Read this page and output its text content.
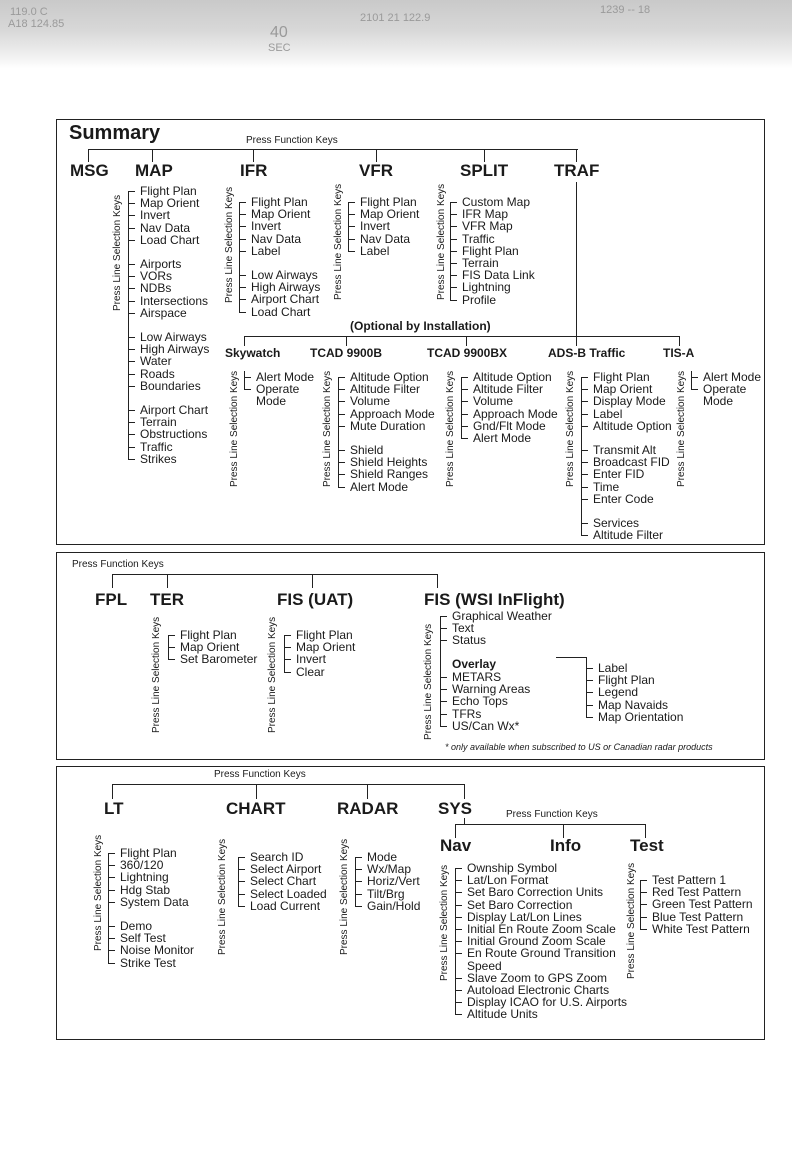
119.0 C
A18 124.85	40
SEC
2101 21 122.9
1239 -- 18
Summary	Press Function Keys
MSG MAP	IFR	VFR	SPLIT	TRAF
Press Line Selection Keys
Flight Plan
Map Orient
Invert
Nav Data
Load Chart
Airports
VORs
NDBs
Intersections
Airspace
Low Airways
High Airways
Water
Roads
Boundaries
Airport Chart
Terrain
Obstructions
Traffic
Strikes
Press Line Selection Keys Flight Plan
Map Orient
Invert
Nav Data
Label
Low Airways
High Airways
Airport Chart
Load Chart
Press Line Selection Keys Flight Plan
Map Orient
Invert
Nav Data
Label	Press Line Selection Keys Custom Map
IFR Map
VFR Map
Traffic
Flight Plan
Terrain
FIS Data Link
Lightning
Profile
(Optional by Installation)
Skywatch TCAD 9900B	TCAD 9900BX	ADS-B Traffic	TIS-A
Press Line Selection Keys Alert Mode
Operate
Mode	Press Line Selection Keys Altitude Option
Altitude Filter
Volume
Approach Mode
Mute Duration
Shield
Shield Heights
Shield Ranges
Alert Mode	Press Line Selection Keys Altitude Option
Altitude Filter
Volume
Approach Mode
Gnd/Flt Mode
Alert Mode	Press Line Selection Keys Flight Plan
Map Orient
Display Mode
Label
Altitude Option
Transmit Alt
Broadcast FID
Enter FID
Time
Enter Code
Services
Altitude Filter
Press Line Selection Keys Alert Mode
Operate
Mode
Press Function Keys
FPL TER	FIS (UAT)	FIS (WSI InFlight)
Press Line Selection Keys Flight Plan
Map Orient
Set Barometer Press Line Selection Keys Flight Plan
Map Orient
Invert
Clear	Press Line Selection Keys
Graphical Weather
Text
Status
Overlay
METARS
Warning Areas
Echo Tops
TFRs
US/Can Wx*
Label
Flight Plan
Legend
Map Navaids
Map Orientation
* only available when subscribed to US or Canadian radar products
Press Function Keys
LT	CHART	RADAR SYS
Press Line Selection Keys Flight Plan
360/120
Lightning
Hdg Stab
System Data
Demo
Self Test
Noise Monitor
Strike Test
Press Line Selection Keys Search ID
Select Airport
Select Chart
Select Loaded
Load Current Press Line Selection Keys Mode
Wx/Map
Horiz/Vert
Tilt/Brg
Gain/Hold
Press Function Keys
Nav	Info	Test
Press Line Selection Keys Ownship Symbol
Lat/Lon Format
Set Baro Correction Units
Set Baro Correction
Display Lat/Lon Lines
Initial En Route Zoom Scale
Initial Ground Zoom Scale
En Route Ground Transition
Speed
Slave Zoom to GPS Zoom
Autoload Electronic Charts
Display ICAO for U.S. Airports
Altitude Units
Press Line Selection Keys Test Pattern 1
Red Test Pattern
Green Test Pattern
Blue Test Pattern
White Test Pattern
